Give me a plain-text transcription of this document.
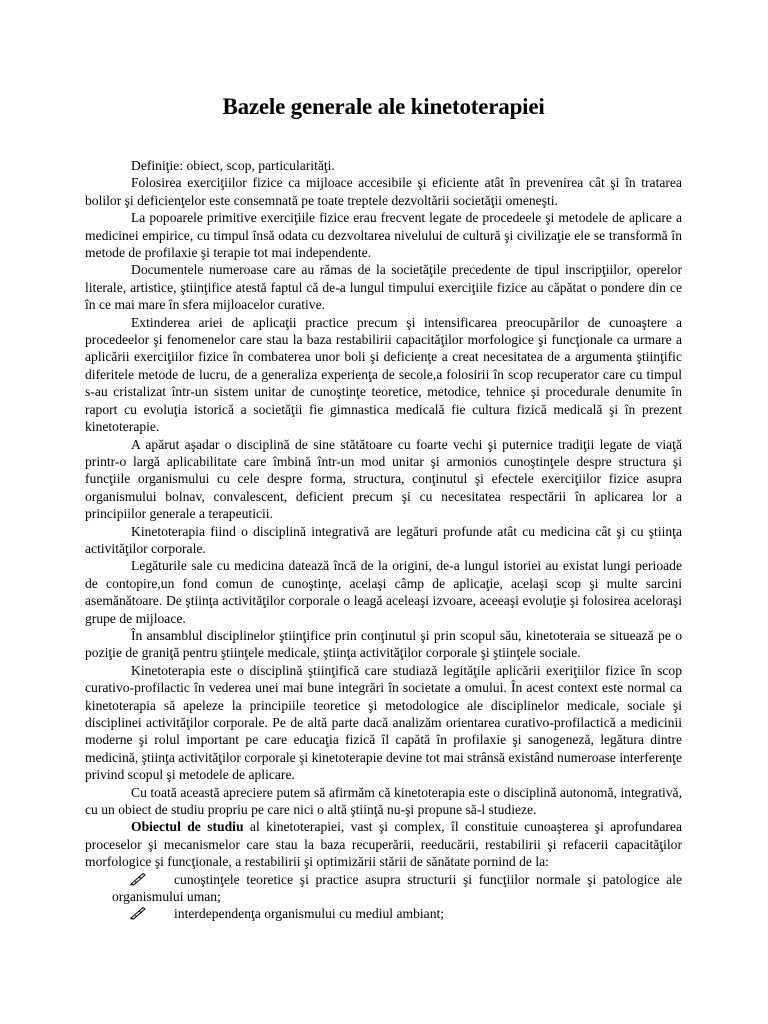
Bazele generale ale kinetoterapiei

Definiţie: obiect, scop, particularităţi.

Folosirea exerciţiilor fizice ca mijloace accesibile şi eficiente atât în prevenirea cât şi în tratarea bolilor şi deficienţelor este consemnată pe toate treptele dezvoltării societăţii omeneşti.

La popoarele primitive exerciţiile fizice erau frecvent legate de procedeele şi metodele de aplicare a medicinei empirice, cu timpul însă odata cu dezvoltarea nivelului de cultură şi civilizaţie ele se transformă în metode de profilaxie şi terapie tot mai independente.

Documentele numeroase care au rămas de la societăţile precedente de tipul inscripţiilor, operelor literale, artistice, ştiinţifice atestă faptul că de-a lungul timpului exerciţiile fizice au căpătat o pondere din ce în ce mai mare în sfera mijloacelor curative.

Extinderea ariei de aplicaţii practice precum şi intensificarea preocupărilor de cunoaştere a procedeelor şi fenomenelor care stau la baza restabilirii capacităţilor morfologice şi funcţionale ca urmare a aplicării exerciţiilor fizice în combaterea unor boli şi deficienţe a creat necesitatea de a argumenta ştiinţific diferitele metode de lucru, de a generaliza experienţa de secole,a folosirii în scop recuperator care cu timpul s-au cristalizat într-un sistem unitar de cunoştinţe teoretice, metodice, tehnice şi procedurale denumite în raport cu evoluţia istorică a societăţii fie gimnastica medicală fie cultura fizică medicală şi în prezent kinetoterapie.

A apărut aşadar o disciplină de sine stătătoare cu foarte vechi şi puternice tradiţii legate de viaţă printr-o largă aplicabilitate care îmbină într-un mod unitar şi armonios cunoştinţele despre structura şi funcţiile organismului cu cele despre forma, structura, conţinutul şi efectele exerciţiilor fizice asupra organismului bolnav, convalescent, deficient precum şi cu necesitatea respectării în aplicarea lor a principiilor generale a terapeuticii.

Kinetoterapia fiind o disciplină integrativă are legături profunde atât cu medicina cât şi cu ştiinţa activităţilor corporale.

Legăturile sale cu medicina datează încă de la origini, de-a lungul istoriei au existat lungi perioade de contopire,un fond comun de cunoştinţe, acelaşi câmp de aplicaţie, acelaşi scop şi multe sarcini asemănătoare. De ştiinţa activităţilor corporale o leagă aceleaşi izvoare, aceeaşi evoluţie şi folosirea aceloraşi grupe de mijloace.

În ansamblul disciplinelor ştiinţifice prin conţinutul şi prin scopul său, kinetoteraia se situează pe o poziţie de graniţă pentru ştiinţele medicale, ştiinţa activităţilor corporale şi ştiinţele sociale.

Kinetoterapia este o disciplină ştiinţifică care studiază legităţile aplicării exeriţiilor fizice în scop curativo-profilactic în vederea unei mai bune integrări în societate a omului. În acest context este normal ca kinetoterapia să apeleze la principiile teoretice şi metodologice ale disciplinelor medicale, sociale şi disciplinei activităţilor corporale. Pe de altă parte dacă analizăm orientarea curativo-profilactică a medicinii moderne şi rolul important pe care educaţia fizică îl capătă în profilaxie şi sanogeneză, legătura dintre medicină, ştiinţa activităţilor corporale şi kinetoterapie devine tot mai strânsă existând numeroase interferenţe privind scopul şi metodele de aplicare.

Cu toată această apreciere putem să afirmăm că kinetoterapia este o disciplină autonomă, integrativă, cu un obiect de studiu propriu pe care nici o altă ştiinţă nu-şi propune să-l studieze.

Obiectul de studiu al kinetoterapiei, vast şi complex, îl constituie cunoaşterea şi aprofundarea proceselor şi mecanismelor care stau la baza recuperării, reeducării, restabilirii şi refacerii capacităţilor morfologice şi funcţionale, a restabilirii şi optimizării stării de sănătate pornind de la:

cunoştinţele teoretice şi practice asupra structurii şi funcţiilor normale şi patologice ale organismului uman;
interdependenţa organismului cu mediul ambiant;
